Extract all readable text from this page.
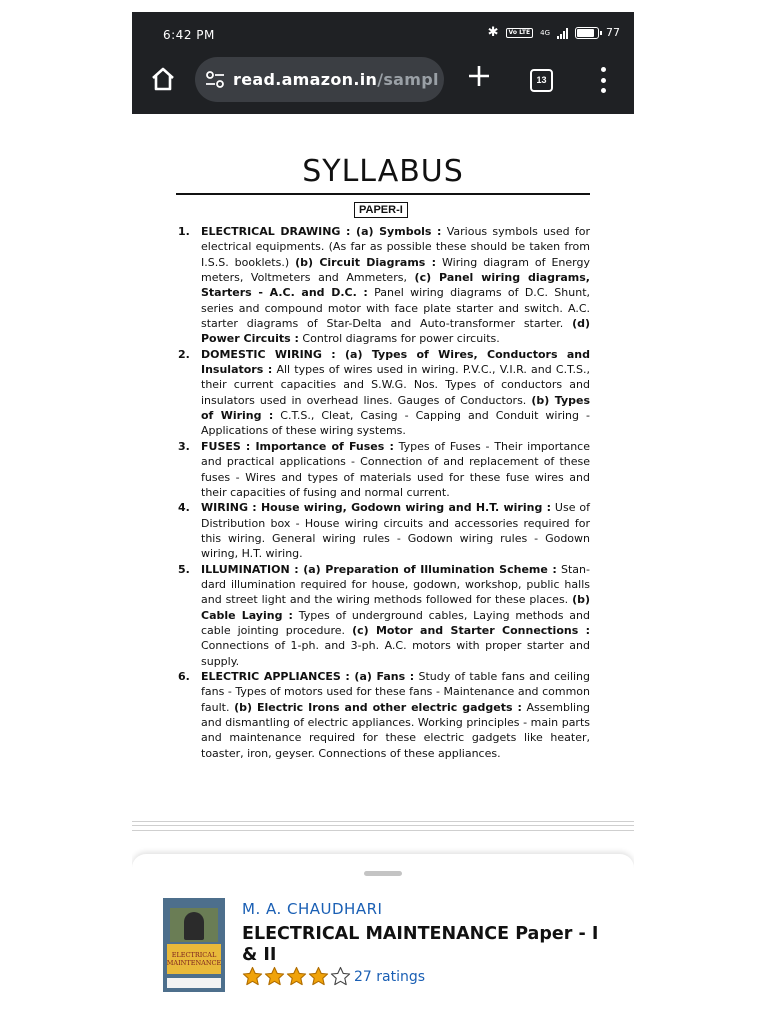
6:42 PM	✱	Vo LTE	4G	77
read.amazon.in/sampl	13
SYLLABUS
PAPER-I
1. ELECTRICAL DRAWING : (a) Symbols : Various symbols used for electrical equipments. (As far as possible these should be taken from I.S.S. booklets.) (b) Circuit Diagrams : Wiring diagram of Energy meters, Voltmeters and Ammeters, (c) Panel wiring diagrams, Starters - A.C. and D.C. : Panel wiring diagrams of D.C. Shunt, series and compound motor with face plate starter and switch. A.C. starter diagrams of Star-Delta and Auto-transformer starter. (d) Power Circuits : Control diagrams for power circuits.
2. DOMESTIC WIRING : (a) Types of Wires, Conductors and Insulators : All types of wires used in wiring. P.V.C., V.I.R. and C.T.S., their current capacities and S.W.G. Nos. Types of conductors and insulators used in overhead lines. Gauges of Conductors. (b) Types of Wiring : C.T.S., Cleat, Casing - Capping and Conduit wiring - Applications of these wiring systems.
3. FUSES : Importance of Fuses : Types of Fuses - Their importance and practical applications - Connection of and replacement of these fuses - Wires and types of materials used for these fuse wires and their capacities of fusing and normal current.
4. WIRING : House wiring, Godown wiring and H.T. wiring : Use of Distribution box - House wiring circuits and accessories required for this wiring. General wiring rules - Godown wiring rules - Godown wiring, H.T. wiring.
5. ILLUMINATION : (a) Preparation of Illumination Scheme : Stan-dard illumination required for house, godown, workshop, public halls and street light and the wiring methods followed for these places. (b) Cable Laying : Types of underground cables, Laying methods and cable jointing procedure. (c) Motor and Starter Connections : Connections of 1-ph. and 3-ph. A.C. motors with proper starter and supply.
6. ELECTRIC APPLIANCES : (a) Fans : Study of table fans and ceiling fans - Types of motors used for these fans - Maintenance and common fault. (b) Electric Irons and other electric gadgets : Assembling and dismantling of electric appliances. Working principles - main parts and maintenance required for these electric gadgets like heater, toaster, iron, geyser. Connections of these appliances.
ELECTRICAL
MAINTENANCE
M. A. CHAUDHARI
ELECTRICAL MAINTENANCE Paper - I & II
27 ratings
